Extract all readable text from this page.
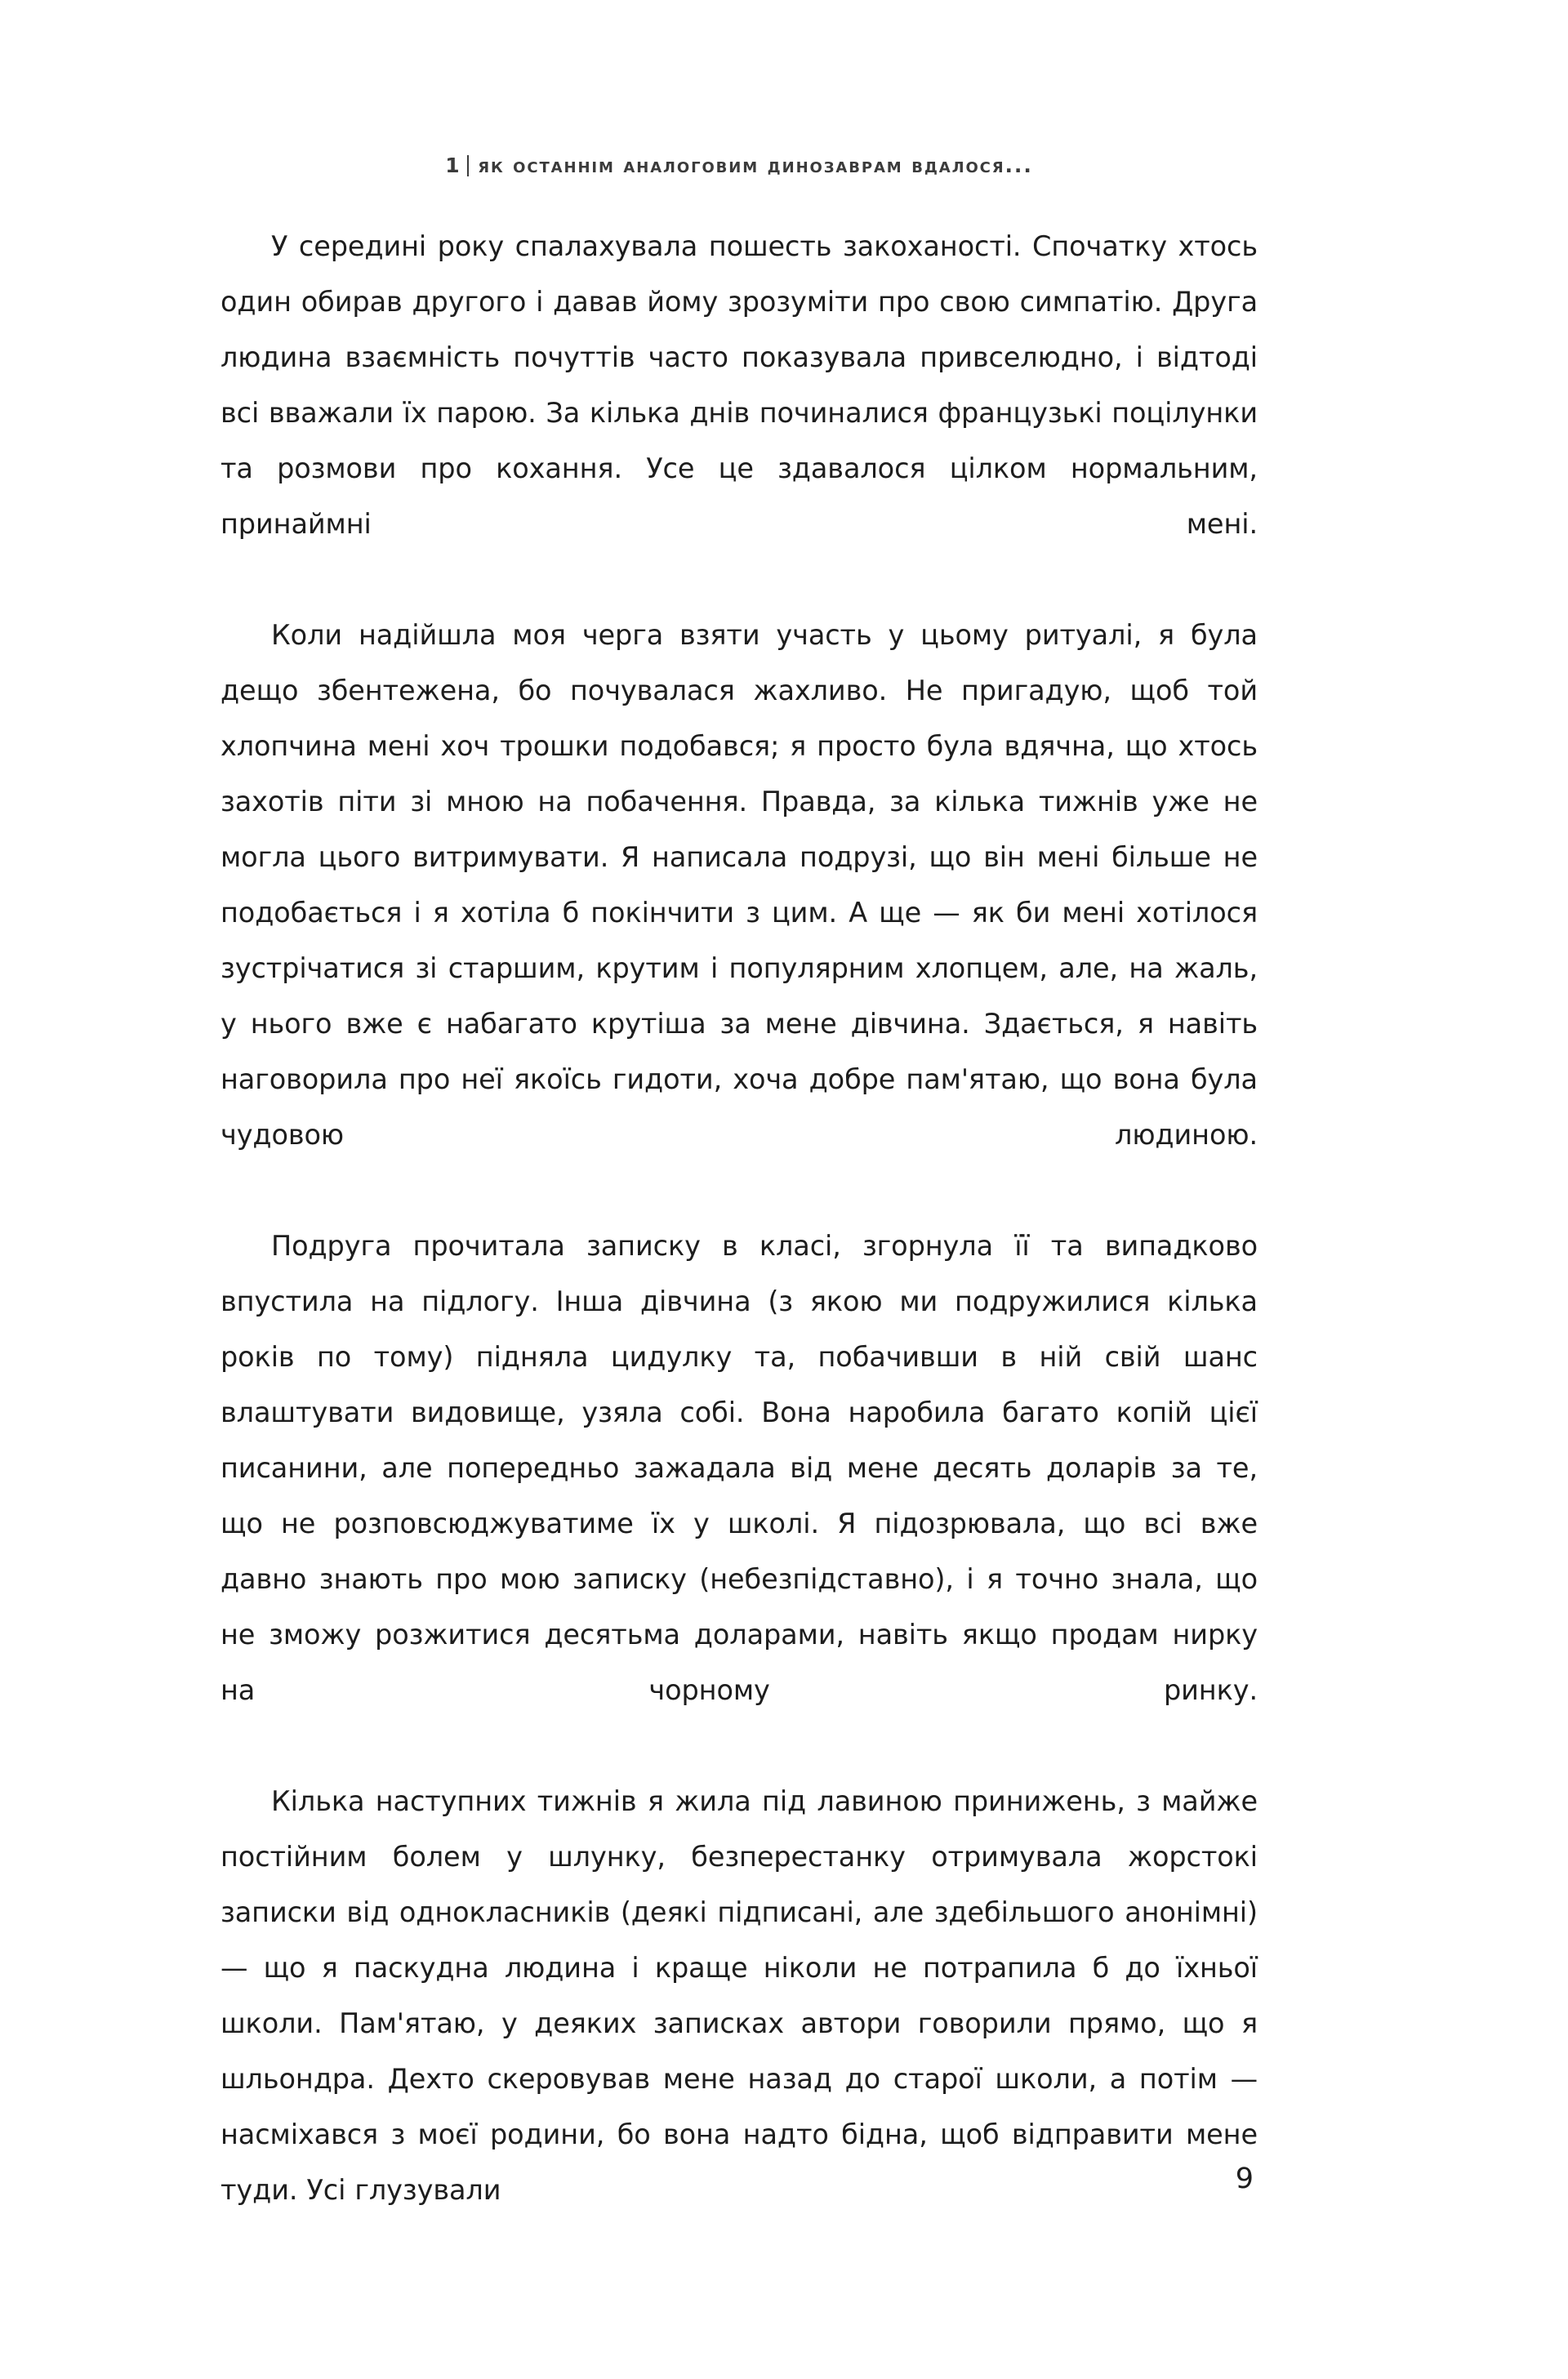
1 як останнім аналоговим динозаврам вдалося...

У середині року спалахувала пошесть закоханості. Спочатку хтось один обирав другого і давав йому зрозуміти про свою симпатію. Друга людина взаємність почуттів часто показувала привселюдно, і відтоді всі вважали їх парою. За кілька днів починалися французькі поцілунки та розмови про кохання. Усе це здавалося цілком нормальним, принаймні мені.

Коли надійшла моя черга взяти участь у цьому ритуалі, я була дещо збентежена, бо почувалася жахливо. Не пригадую, щоб той хлопчина мені хоч трошки подобався; я просто була вдячна, що хтось захотів піти зі мною на побачення. Правда, за кілька тижнів уже не могла цього витримувати. Я написала подрузі, що він мені більше не подобається і я хотіла б покінчити з цим. А ще — як би мені хотілося зустрічатися зі старшим, крутим і популярним хлопцем, але, на жаль, у нього вже є набагато крутіша за мене дівчина. Здається, я навіть наговорила про неї якоїсь гидоти, хоча добре пам'ятаю, що вона була чудовою людиною.

Подруга прочитала записку в класі, згорнула її та випадково впустила на підлогу. Інша дівчина (з якою ми подружилися кілька років по тому) підняла цидулку та, побачивши в ній свій шанс влаштувати видовище, узяла собі. Вона наробила багато копій цієї писанини, але попередньо зажадала від мене десять доларів за те, що не розповсюджуватиме їх у школі. Я підозрювала, що всі вже давно знають про мою записку (небезпідставно), і я точно знала, що не зможу розжитися десятьма доларами, навіть якщо продам нирку на чорному ринку.

Кілька наступних тижнів я жила під лавиною принижень, з майже постійним болем у шлунку, безперестанку отримувала жорстокі записки від однокласників (деякі підписані, але здебільшого анонімні) — що я паскудна людина і краще ніколи не потрапила б до їхньої школи. Пам'ятаю, у деяких записках автори говорили прямо, що я шльондра. Дехто скеровував мене назад до старої школи, а потім — насміхався з моєї родини, бо вона надто бідна, щоб відправити мене туди. Усі глузували	9
